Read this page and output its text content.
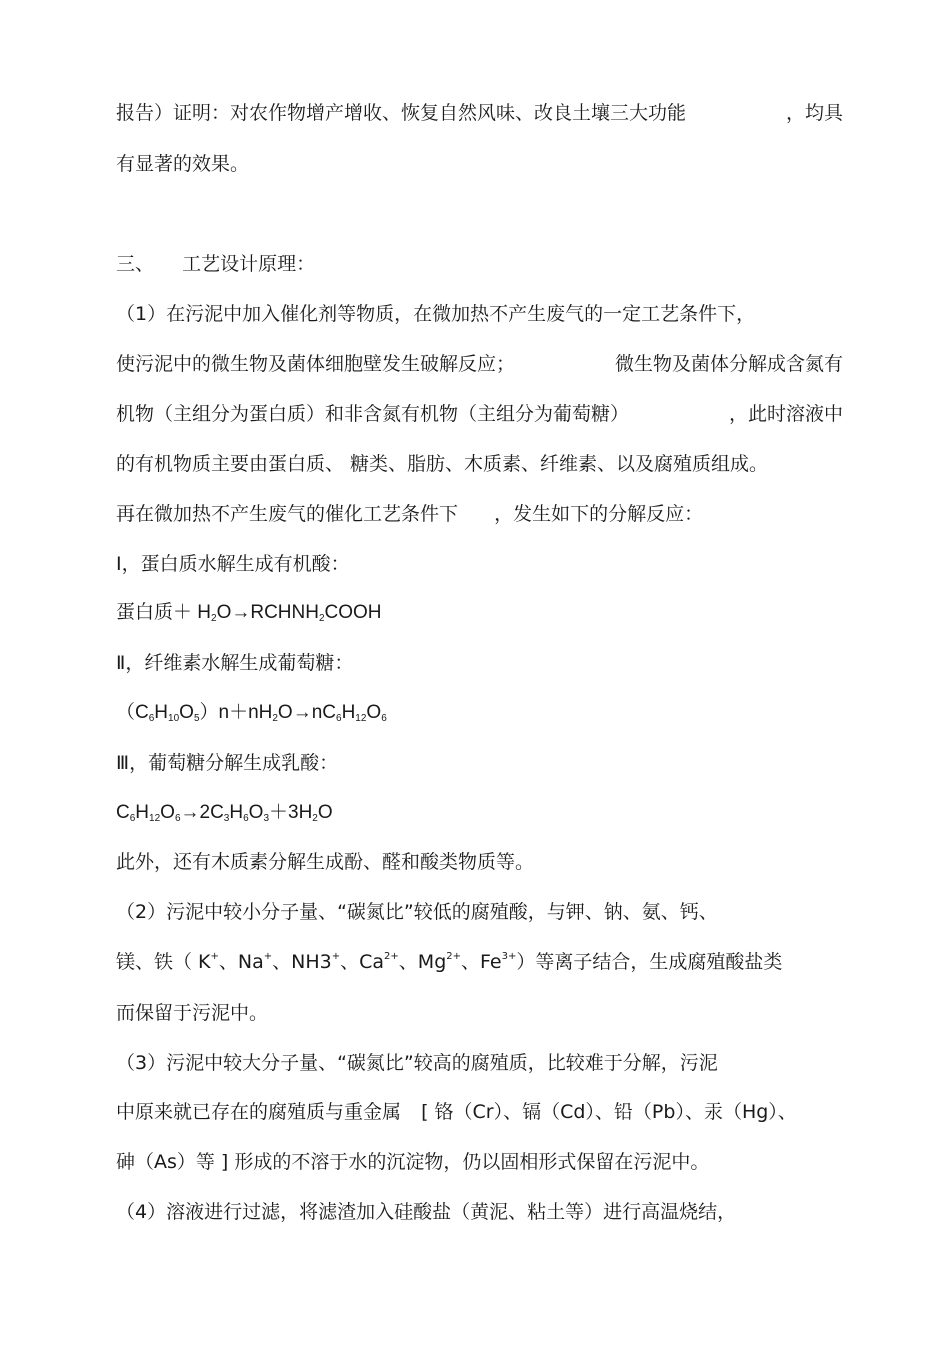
报告）证明：对农作物增产增收、恢复自然风味、改良土壤三大功能	，均具
有显著的效果。
三、 工艺设计原理：
（1）在污泥中加入催化剂等物质，在微加热不产生废气的一定工艺条件下，
使污泥中的微生物及菌体细胞壁发生破解反应；	微生物及菌体分解成含氮有
机物（主组分为蛋白质）和非含氮有机物（主组分为葡萄糖）	，此时溶液中
的有机物质主要由蛋白质、 糖类、脂肪、木质素、纤维素、以及腐殖质组成。
再在微加热不产生废气的催化工艺条件下 ，发生如下的分解反应：
Ⅰ，蛋白质水解生成有机酸：
蛋白质＋ $H_2O\to RCHNH_2COOH$
Ⅱ，纤维素水解生成葡萄糖：
$(C_6H_{10}O_5)n+nH_2O\to nC_6H_{12}O_6$
Ⅲ，葡萄糖分解生成乳酸：
$C_6H_{12}O_6\to 2C_3H_6O_3+3H_2O$
此外，还有木质素分解生成酚、醛和酸类物质等。
（2）污泥中较小分子量、“碳氮比”较低的腐殖酸，与钾、钠、氨、钙、
镁、铁（ K+、Na+、NH3+、$Ca^{2+}$、$Mg^{2+}$、$Fe^{3+}$）等离子结合，生成腐殖酸盐类
而保留于污泥中。
（3）污泥中较大分子量、“碳氮比”较高的腐殖质，比较难于分解，污泥
中原来就已存在的腐殖质与重金属 [ 铬（Cr）、镉（Cd）、铅（Pb）、汞（Hg）、
砷（As）等 ] 形成的不溶于水的沉淀物，仍以固相形式保留在污泥中。
（4）溶液进行过滤，将滤渣加入硅酸盐（黄泥、粘土等）进行高温烧结，
